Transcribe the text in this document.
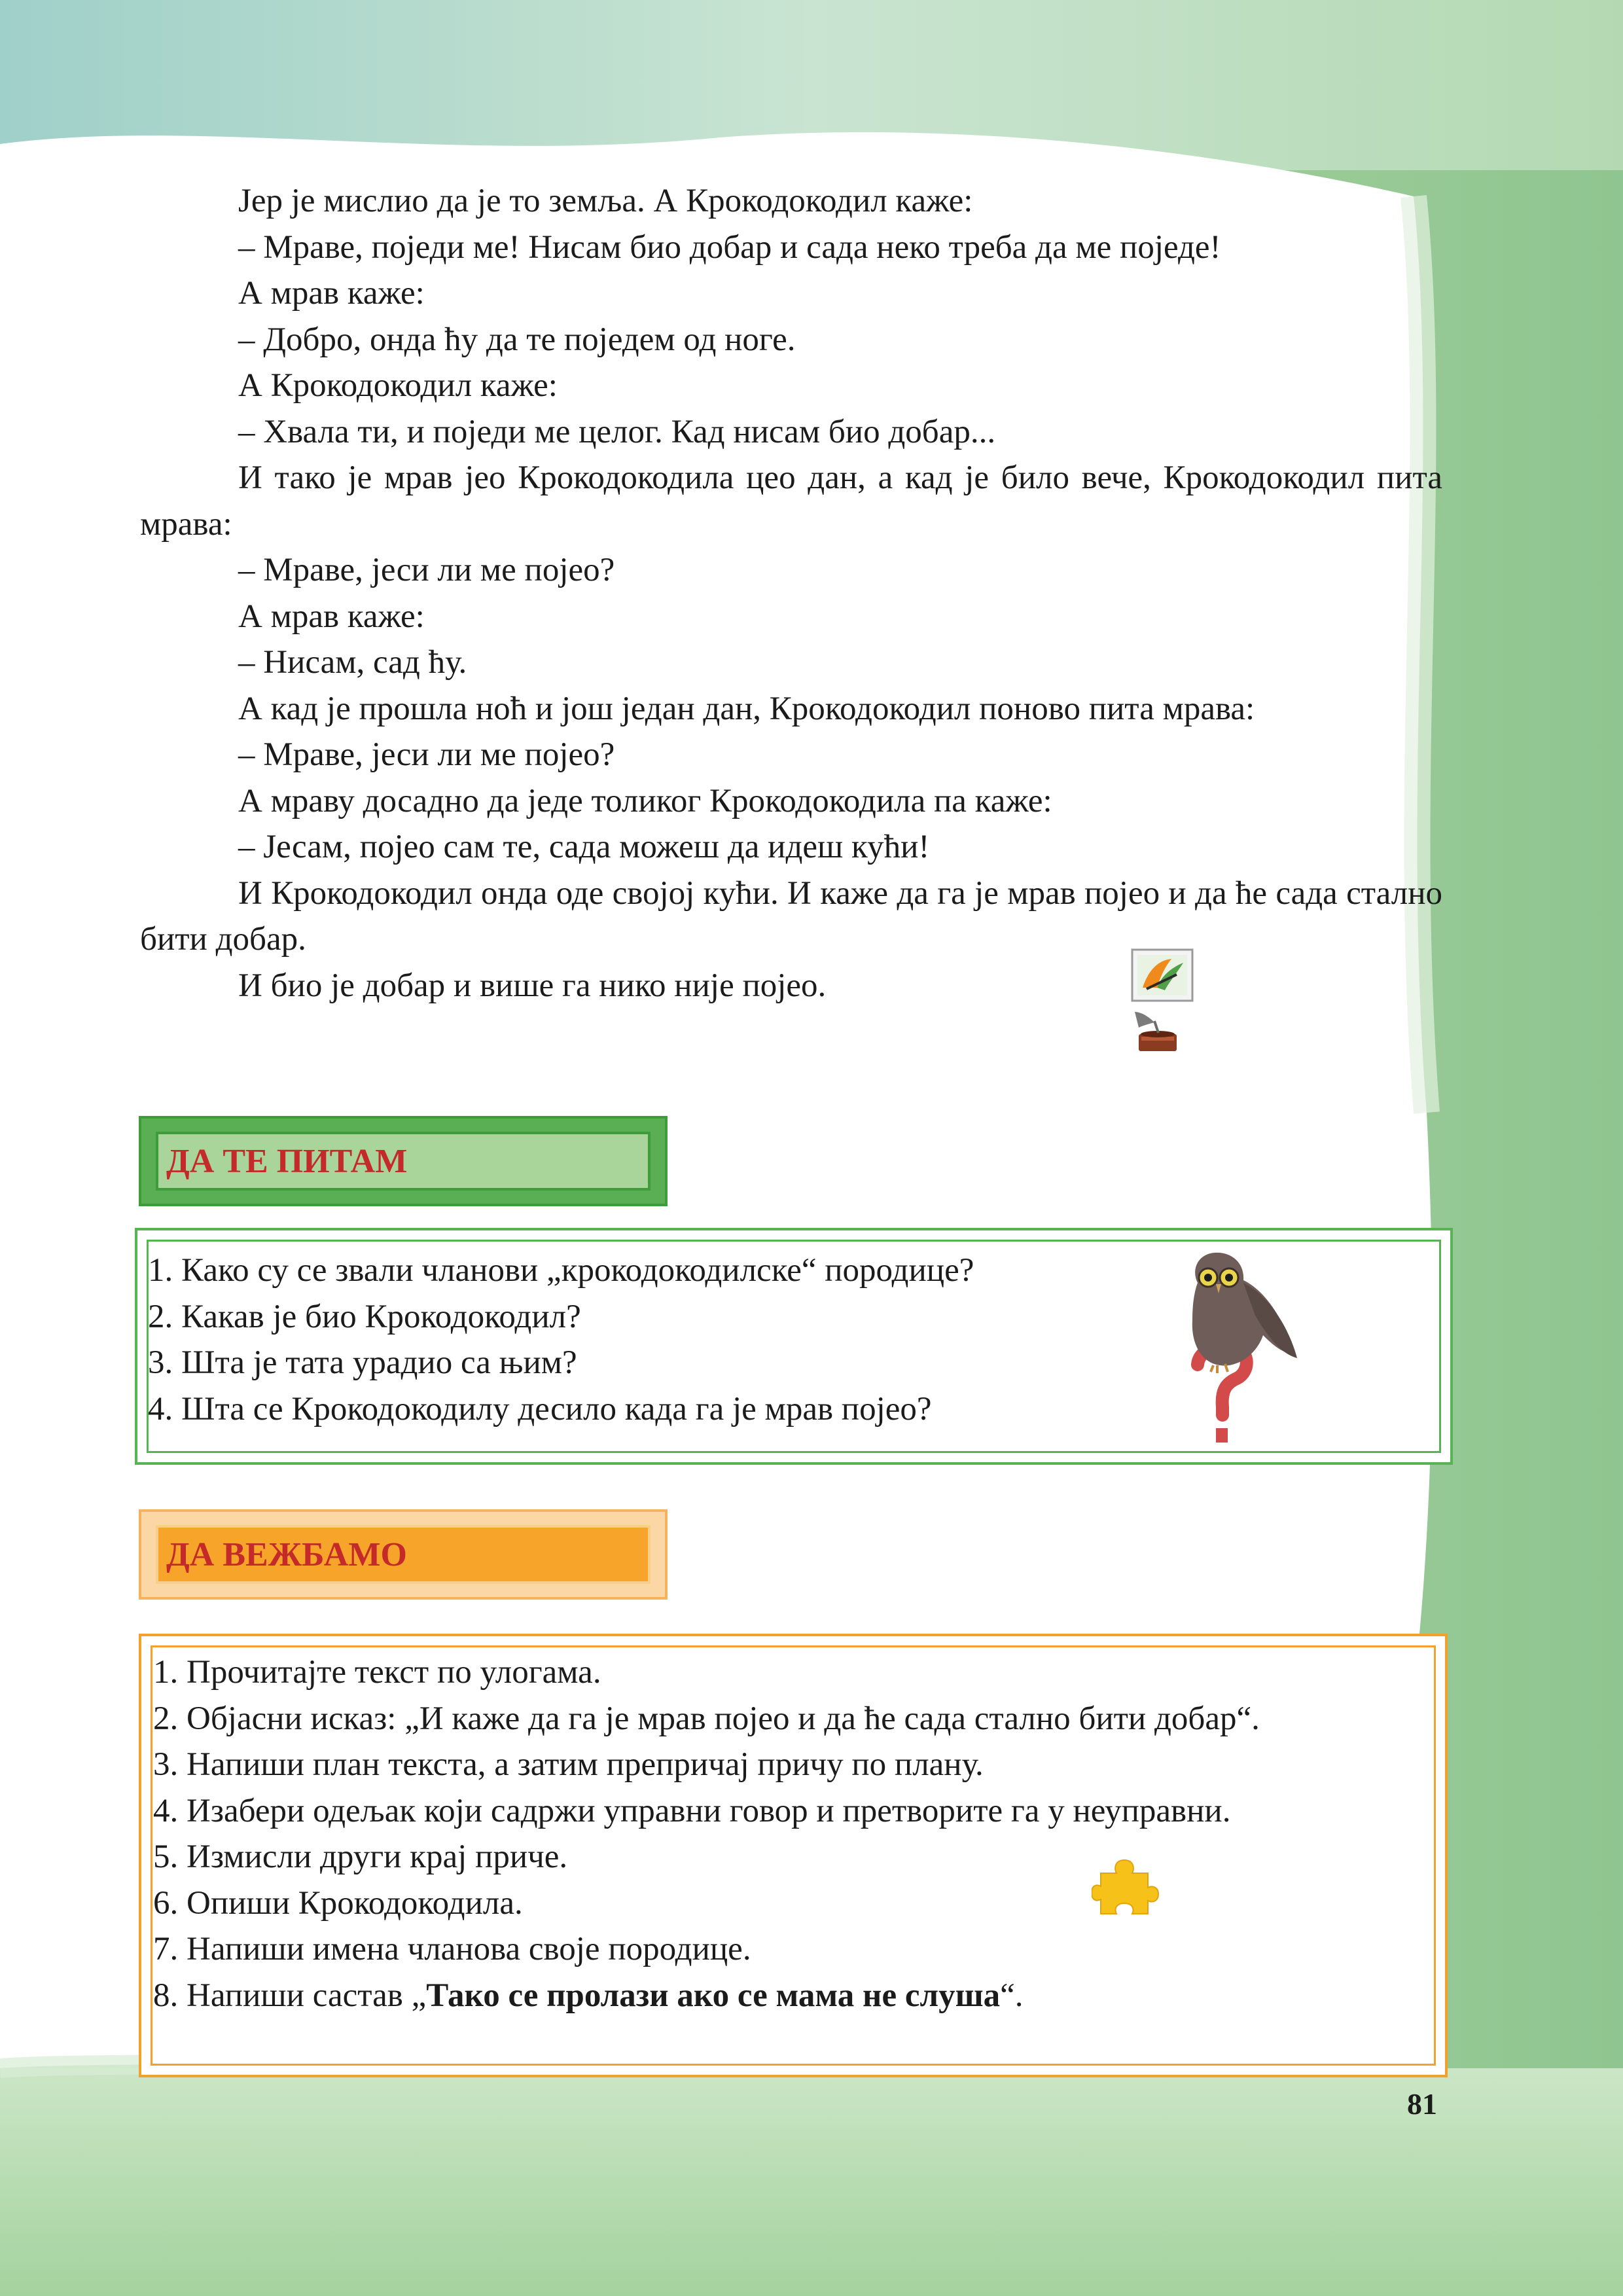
Јер је мислио да је то земља. А Крокодокодил каже:

– Мраве, поједи ме! Нисам био добар и сада неко треба да ме поједе!

А мрав каже:

– Добро, онда ћу да те поједем од ноге.

А Крокодокодил каже:

– Хвала ти, и поједи ме целог. Кад нисам био добар...

И тако је мрав јео Крокодокодила цео дан, а кад је било вече, Крокодокодил пита мрава:

– Мраве, јеси ли ме појео?

А мрав каже:

– Нисам, сад ћу.

А кад је прошла ноћ и још један дан, Крокодокодил поново пита мрава:

– Мраве, јеси ли ме појео?

А мраву досадно да једе толиког Крокодокодила па каже:

– Јесам, појео сам те, сада можеш да идеш кући!

И Крокодокодил онда оде својој кући. И каже да га је мрав појео и да ће сада стално бити добар.

И био је добар и више га нико није појео.

ДА ТЕ ПИТАМ
1. Како су се звали чланови „крокодокодилске“ породице?
2. Какав је био Крокодокодил?
3. Шта је тата урадио са њим?
4. Шта се Крокодокодилу десило када га је мрав појео?
ДА ВЕЖБАМО
1. Прочитајте текст по улогама.
2. Објасни исказ: „И каже да га је мрав појео и да ће сада стално бити добар“.
3. Напиши план текста, а затим препричај причу по плану.
4. Изабери одељак који садржи управни говор и претворите га у неуправни.
5. Измисли други крај приче.
6. Опиши Крокодокодила.
7. Напиши имена чланова своје породице.
8. Напиши састав „Тако се пролази ако се мама не слуша“.
81
